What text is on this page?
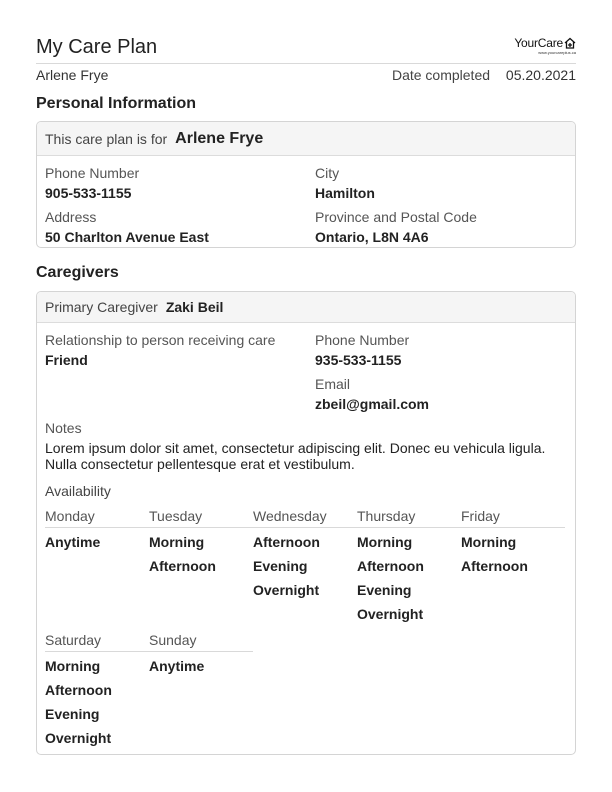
My Care Plan	YourCare
www.yourcareplus.ca
Arlene Frye	Date completed 05.20.2021
Personal Information
This care plan is for Arlene Frye
Phone Number
905-533-1155
City
Hamilton
Address
50 Charlton Avenue East
Province and Postal Code
Ontario, L8N 4A6
Caregivers
Primary Caregiver Zaki Beil
Relationship to person receiving care
Friend
Phone Number
935-533-1155
Email
zbeil@gmail.com
Notes
Lorem ipsum dolor sit amet, consectetur adipiscing elit. Donec eu vehicula ligula.
Nulla consectetur pellentesque erat et vestibulum.
Availability
Monday
Anytime
Tuesday
Morning
Afternoon
Wednesday
Afternoon
Evening
Overnight
Thursday
Morning
Afternoon
Evening
Overnight
Friday
Morning
Afternoon
Saturday
Morning
Afternoon
Evening
Overnight
Sunday
Anytime
